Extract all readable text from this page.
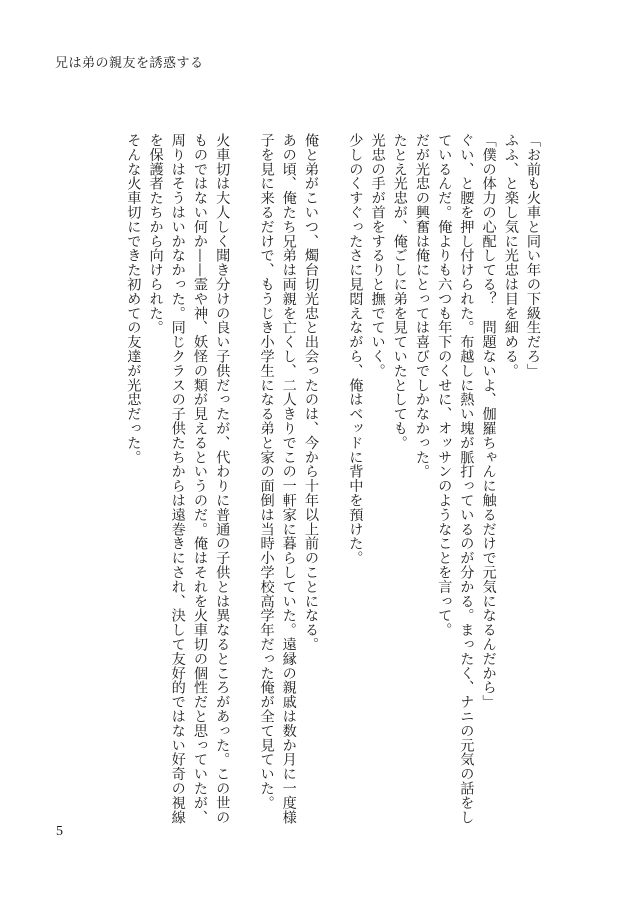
兄は弟の親友を誘惑する

「お前も火車と同い年の下級生だろ」

ふふ、と楽し気に光忠は目を細める。

「僕の体力の心配してる？　問題ないよ、伽羅ちゃんに触るだけで元気になるんだから」

ぐい、と腰を押し付けられた。布越しに熱い塊が脈打っているのが分かる。まったく、ナニの元気の話をしているんだ。俺よりも六つも年下のくせに、オッサンのようなことを言って。

だが光忠の興奮は俺にとっては喜びでしかなかった。

たとえ光忠が、俺ごしに弟を見ていたとしても。

光忠の手が首をするりと撫でていく。

少しのくすぐったさに見悶えながら、俺はベッドに背中を預けた。

俺と弟がこいつ、燭台切光忠と出会ったのは、今から十年以上前のことになる。

あの頃、俺たち兄弟は両親を亡くし、二人きりでこの一軒家に暮らしていた。遠縁の親戚は数か月に一度様子を見に来るだけで、もうじき小学生になる弟と家の面倒は当時小学校高学年だった俺が全て見ていた。

火車切は大人しく聞き分けの良い子供だったが、代わりに普通の子供とは異なるところがあった。この世のものではない何か——霊や神、妖怪の類が見えるというのだ。俺はそれを火車切の個性だと思っていたが、周りはそうはいかなかった。同じクラスの子供たちからは遠巻きにされ、決して友好的ではない好奇の視線を保護者たちから向けられた。

そんな火車切にできた初めての友達が光忠だった。

5
